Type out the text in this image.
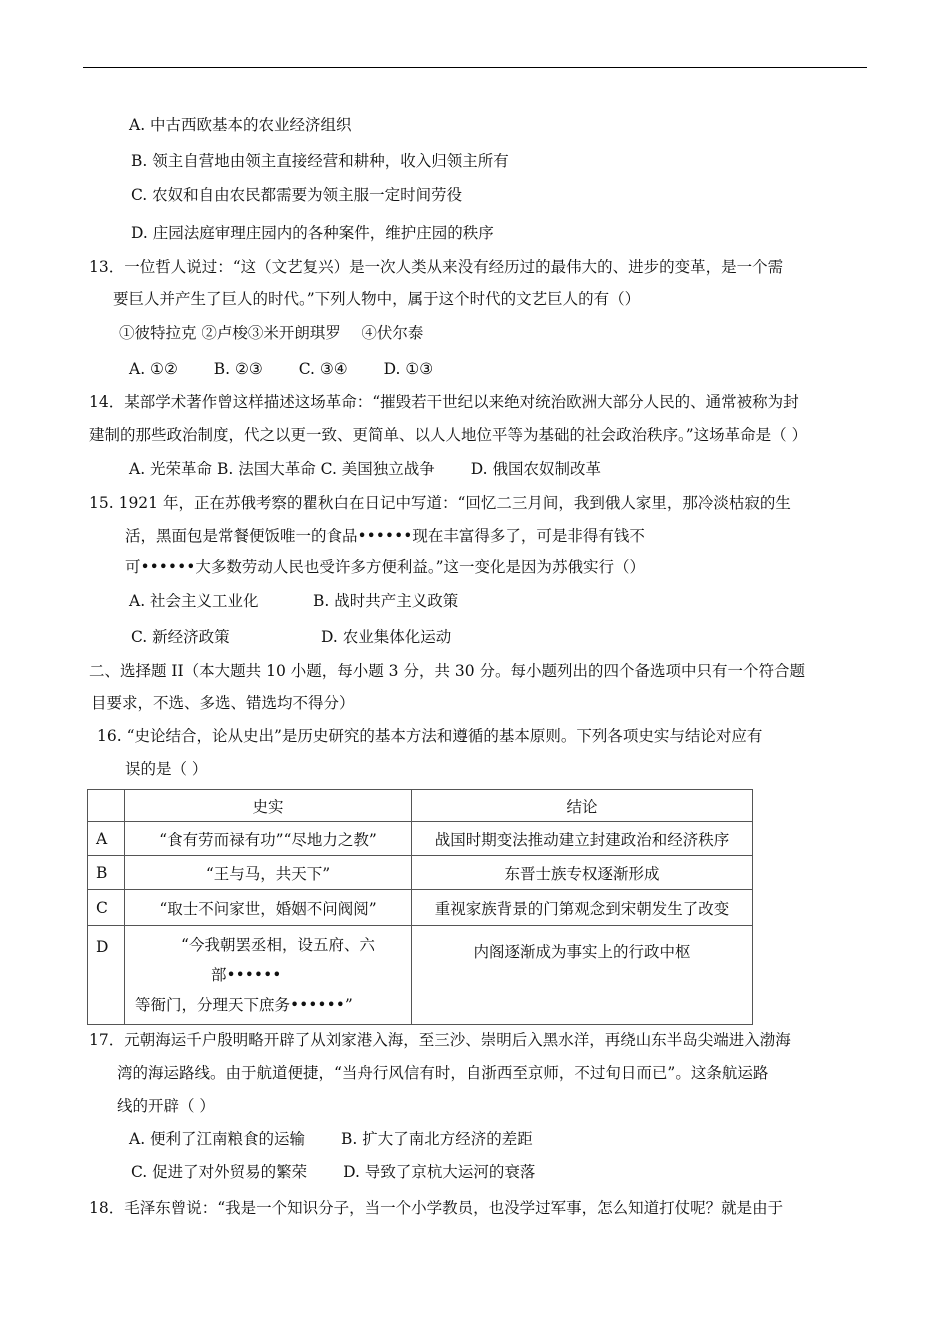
A. 中古西欧基本的农业经济组织
B. 领主自营地由领主直接经营和耕种，收入归领主所有
C. 农奴和自由农民都需要为领主服一定时间劳役
D. 庄园法庭审理庄园内的各种案件，维护庄园的秩序
13．一位哲人说过：“这（文艺复兴）是一次人类从来没有经历过的最伟大的、进步的变革，是一个需
要巨人并产生了巨人的时代。”下列人物中，属于这个时代的文艺巨人的有（）
①彼特拉克 ②卢梭③米开朗琪罗　 ④伏尔泰
A. ①②　　 B. ②③　　 C. ③④　　 D. ①③
14．某部学术著作曾这样描述这场革命：“摧毁若干世纪以来绝对统治欧洲大部分人民的、通常被称为封
建制的那些政治制度，代之以更一致、更简单、以人人地位平等为基础的社会政治秩序。”这场革命是（ ）
A. 光荣革命 B. 法国大革命 C. 美国独立战争　　 D. 俄国农奴制改革
15. 1921 年，正在苏俄考察的瞿秋白在日记中写道：“回忆二三月间，我到俄人家里，那冷淡枯寂的生
活，黑面包是常餐便饭唯一的食品••••••现在丰富得多了，可是非得有钱不
可••••••大多数劳动人民也受许多方便利益。”这一变化是因为苏俄实行（）
A. 社会主义工业化	B. 战时共产主义政策
C. 新经济政策	D. 农业集体化运动
二、选择题 II（本大题共 10 小题，每小题 3 分，共 30 分。每小题列出的四个备选项中只有一个符合题
目要求，不选、多选、错选均不得分）
16. “史论结合，论从史出”是历史研究的基本方法和遵循的基本原则。下列各项史实与结论对应有
误的是（ ）
	史实	结论
A	“食有劳而禄有功”“尽地力之教”	战国时期变法推动建立封建政治和经济秩序
B	“王与马，共天下”	东晋士族专权逐渐形成
C	“取士不问家世，婚姻不问阀阅”	重视家族背景的门第观念到宋朝发生了改变
D	“今我朝罢丞相，设五府、六
部••••••
等衙门，分理天下庶务••••••”	内阁逐渐成为事实上的行政中枢
17．元朝海运千户殷明略开辟了从刘家港入海，至三沙、崇明后入黑水洋，再绕山东半岛尖端进入渤海
湾的海运路线。由于航道便捷，“当舟行风信有时，自浙西至京师，不过旬日而已”。这条航运路
线的开辟（ ）
A. 便利了江南粮食的运输　　 B. 扩大了南北方经济的差距
C. 促进了对外贸易的繁荣　　 D. 导致了京杭大运河的衰落
18．毛泽东曾说：“我是一个知识分子，当一个小学教员，也没学过军事，怎么知道打仗呢？就是由于
